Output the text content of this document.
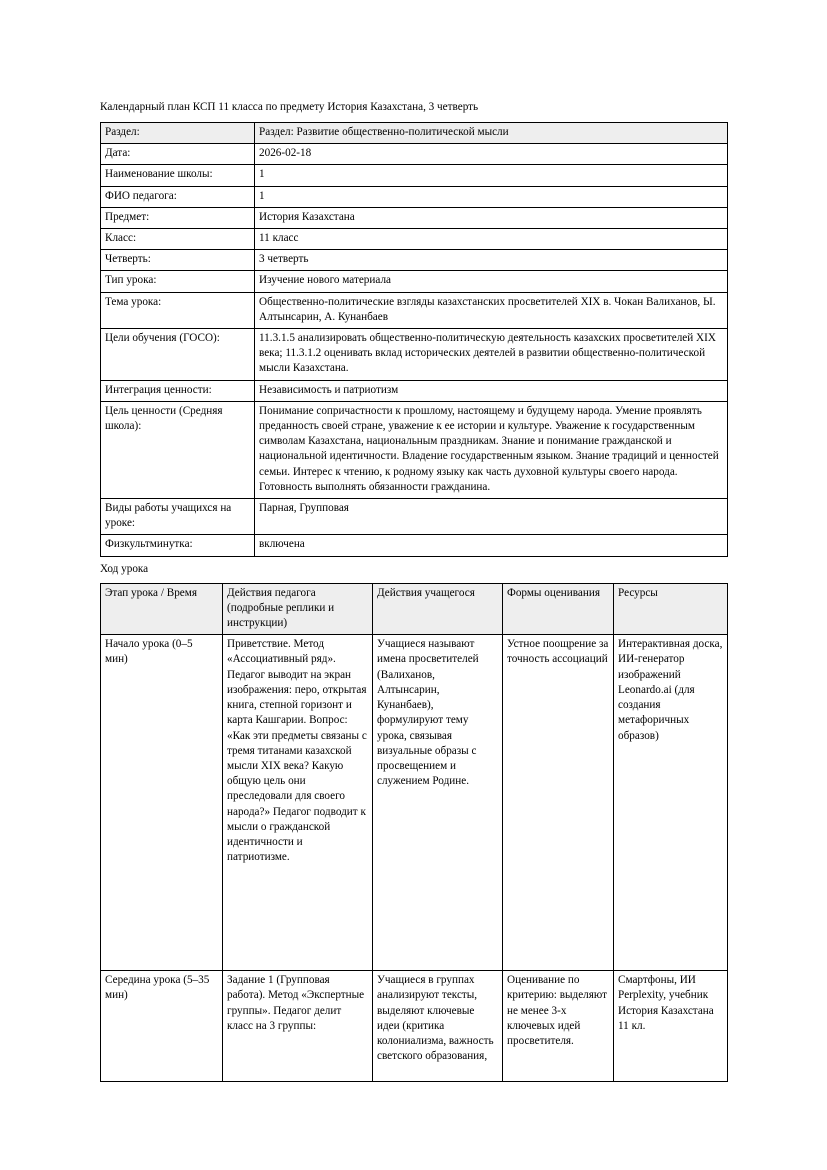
Календарный план КСП 11 класса по предмету История Казахстана, 3 четверть

Раздел:	Раздел: Развитие общественно-политической мысли
Дата:	2026-02-18
Наименование школы:	1
ФИО педагога:	1
Предмет:	История Казахстана
Класс:	11 класс
Четверть:	3 четверть
Тип урока:	Изучение нового материала
Тема урока:	Общественно-политические взгляды казахстанских просветителей XIX в. Чокан Валиханов, Ы. Алтынсарин, А. Кунанбаев
Цели обучения (ГОСО):	11.3.1.5 анализировать общественно-политическую деятельность казахских просветителей XIX века; 11.3.1.2 оценивать вклад исторических деятелей в развитии общественно-политической мысли Казахстана.
Интеграция ценности:	Независимость и патриотизм
Цель ценности (Средняя школа):	Понимание сопричастности к прошлому, настоящему и будущему народа. Умение проявлять преданность своей стране, уважение к ее истории и культуре. Уважение к государственным символам Казахстана, национальным праздникам. Знание и понимание гражданской и национальной идентичности. Владение государственным языком. Знание традиций и ценностей семьи. Интерес к чтению, к родному языку как часть духовной культуры своего народа. Готовность выполнять обязанности гражданина.
Виды работы учащихся на уроке:	Парная, Групповая
Физкультминутка:	включена

Ход урока

Этап урока / Время	Действия педагога (подробные реплики и инструкции)	Действия учащегося	Формы оценивания	Ресурсы
Начало урока (0–5 мин)	Приветствие. Метод «Ассоциативный ряд». Педагог выводит на экран изображения: перо, открытая книга, степной горизонт и карта Кашгарии. Вопрос: «Как эти предметы связаны с тремя титанами казахской мысли XIX века? Какую общую цель они преследовали для своего народа?» Педагог подводит к мысли о гражданской идентичности и патриотизме.	Учащиеся называют имена просветителей (Валиханов, Алтынсарин, Кунанбаев), формулируют тему урока, связывая визуальные образы с просвещением и служением Родине.	Устное поощрение за точность ассоциаций	Интерактивная доска, ИИ-генератор изображений Leonardo.ai (для создания метафоричных образов)
Середина урока (5–35 мин)	Задание 1 (Групповая работа). Метод «Экспертные группы». Педагог делит класс на 3 группы:	Учащиеся в группах анализируют тексты, выделяют ключевые идеи (критика колониализма, важность светского образования,	Оценивание по критерию: выделяют не менее 3-х ключевых идей просветителя.	Смартфоны, ИИ Perplexity, учебник История Казахстана 11 кл.
